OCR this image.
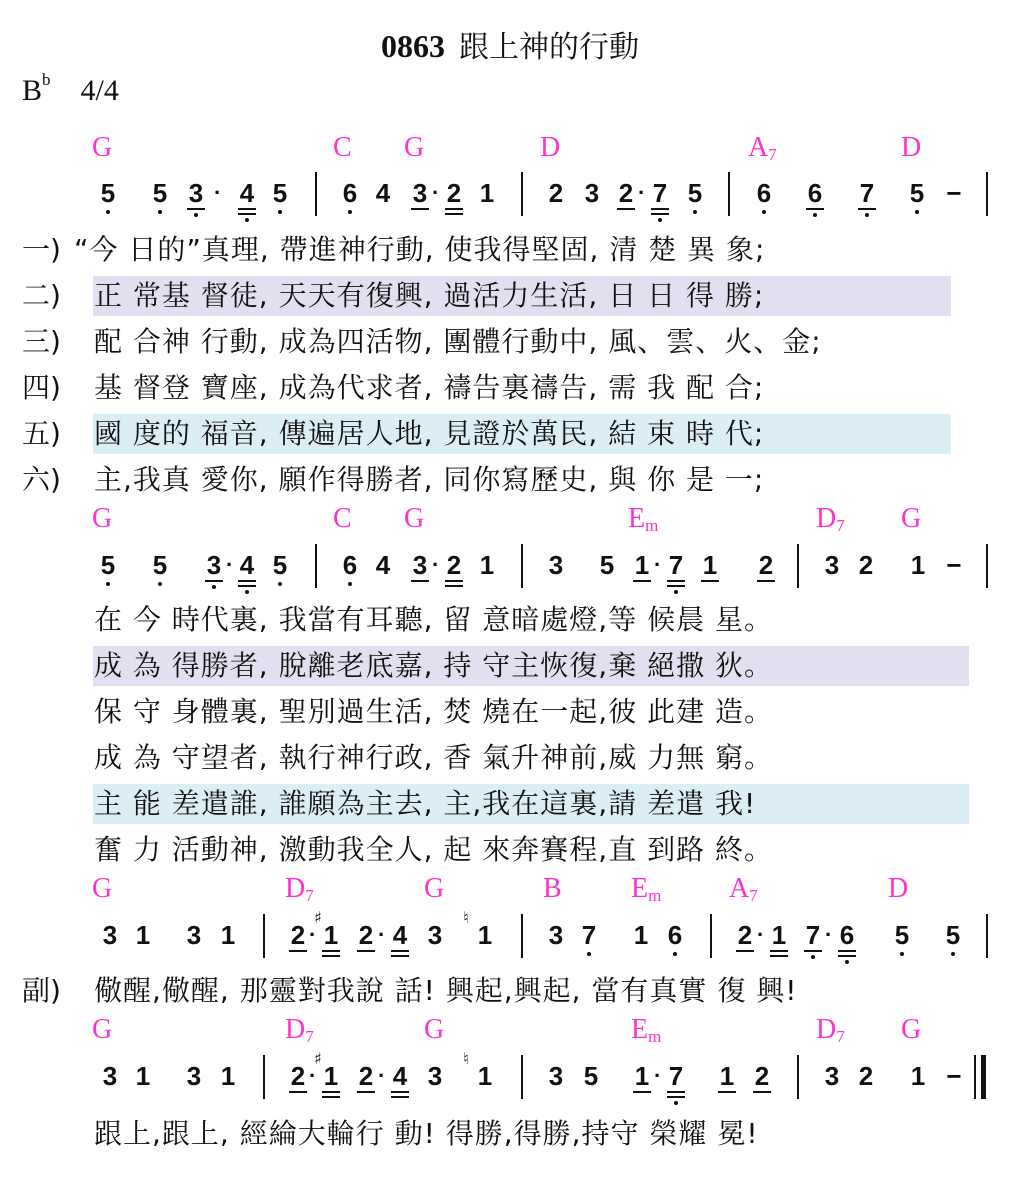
0863 跟上神的行動
$B^b$ 4/4
G	C G	D	$A_7$	D
G	C G	$E_m$	$D_7$ G
G	$D_7$	G	B $E_m$ $A_7$	D
G	$D_7$	G	$E_m$	$D_7$ G
5 5 3 · 4 5 6 4 3 · 2 1 2 3 2 · 7 5 6 6 7 5 −
5 5 3 · 4 5 6 4 3 · 2 1 3 5 1 · 7 1 2 3 2 1 −
3 1 3 1 2 ·
♯
1 2 · 4 3
♮
1 3 7 1 6 2 · 1 7 · 6 5 5
3 1 3 1 2 ·
♯
1 2 · 4 3
♮
1 3 5 1 · 7 1 2 3 2 1 −
一)
二)
三)
四)
五)
六)
“今 日的”真理, 帶進神行動, 使我得堅固, 清 楚 異 象;
正 常基 督徒, 天天有復興, 過活力生活, 日 日 得 勝;
配 合神 行動, 成為四活物, 團體行動中, 風、雲、火、金;
基 督登 寶座, 成為代求者, 禱告裏禱告, 需 我 配 合;
國 度的 福音, 傳遍居人地, 見證於萬民, 結 束 時 代;
主,我真 愛你, 願作得勝者, 同你寫歷史, 與 你 是 一;
在 今 時代裏, 我當有耳聽, 留 意暗處燈,等 候晨 星。
成 為 得勝者, 脫離老底嘉, 持 守主恢復,棄 絕撒 狄。
保 守 身體裏, 聖別過生活, 焚 燒在一起,彼 此建 造。
成 為 守望者, 執行神行政, 香 氣升神前,威 力無 窮。
主 能 差遣誰, 誰願為主去, 主,我在這裏,請 差遣 我!
奮 力 活動神, 激動我全人, 起 來奔賽程,直 到路 終。
副) 儆醒,儆醒, 那靈對我說 話! 興起,興起, 當有真實 復 興!
跟上,跟上, 經綸大輪行 動! 得勝,得勝,持守 榮耀 冕!
